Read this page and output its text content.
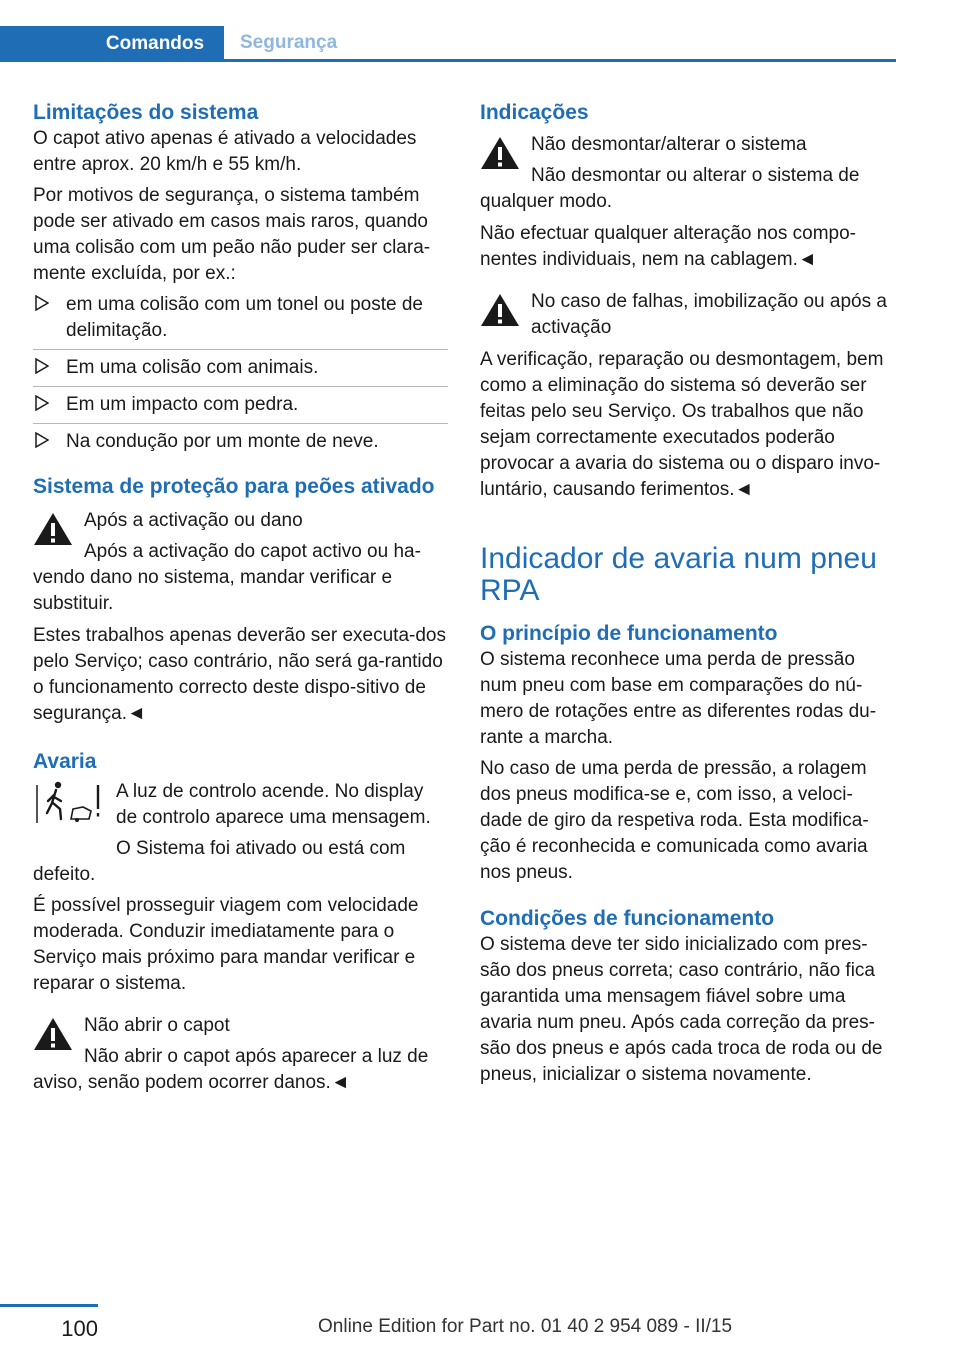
Comandos	Segurança
Limitações do sistema

O capot ativo apenas é ativado a velocidades entre aprox. 20 km/h e 55 km/h.

Por motivos de segurança, o sistema também pode ser ativado em casos mais raros, quando uma colisão com um peão não puder ser clara-mente excluída, por ex.:

em uma colisão com um tonel ou poste de delimitação.
Em uma colisão com animais.
Em um impacto com pedra.
Na condução por um monte de neve.
Sistema de proteção para peões ativado

Após a activação ou dano

Após a activação do capot activo ou ha-

vendo dano no sistema, mandar verificar e substituir.

Estes trabalhos apenas deverão ser executa-dos pelo Serviço; caso contrário, não será ga-rantido o funcionamento correcto deste dispo-sitivo de segurança.◄

Avaria

A luz de controlo acende. No display de controlo aparece uma mensagem.

O Sistema foi ativado ou está com

defeito.

É possível prosseguir viagem com velocidade moderada. Conduzir imediatamente para o Serviço mais próximo para mandar verificar e reparar o sistema.

Não abrir o capot

Não abrir o capot após aparecer a luz de

aviso, senão podem ocorrer danos.◄

Indicações

Não desmontar/alterar o sistema

Não desmontar ou alterar o sistema de

qualquer modo.

Não efectuar qualquer alteração nos compo-nentes individuais, nem na cablagem.◄

No caso de falhas, imobilização ou após a activação

A verificação, reparação ou desmontagem, bem como a eliminação do sistema só deverão ser feitas pelo seu Serviço. Os trabalhos que não sejam correctamente executados poderão provocar a avaria do sistema ou o disparo invo-luntário, causando ferimentos.◄

Indicador de avaria num pneu RPA
O princípio de funcionamento

O sistema reconhece uma perda de pressão num pneu com base em comparações do nú-mero de rotações entre as diferentes rodas du-rante a marcha.

No caso de uma perda de pressão, a rolagem dos pneus modifica-se e, com isso, a veloci-dade de giro da respetiva roda. Esta modifica-ção é reconhecida e comunicada como avaria nos pneus.

Condições de funcionamento

O sistema deve ter sido inicializado com pres-são dos pneus correta; caso contrário, não fica garantida uma mensagem fiável sobre uma avaria num pneu. Após cada correção da pres-são dos pneus e após cada troca de roda ou de pneus, inicializar o sistema novamente.

100	Online Edition for Part no. 01 40 2 954 089 - II/15
